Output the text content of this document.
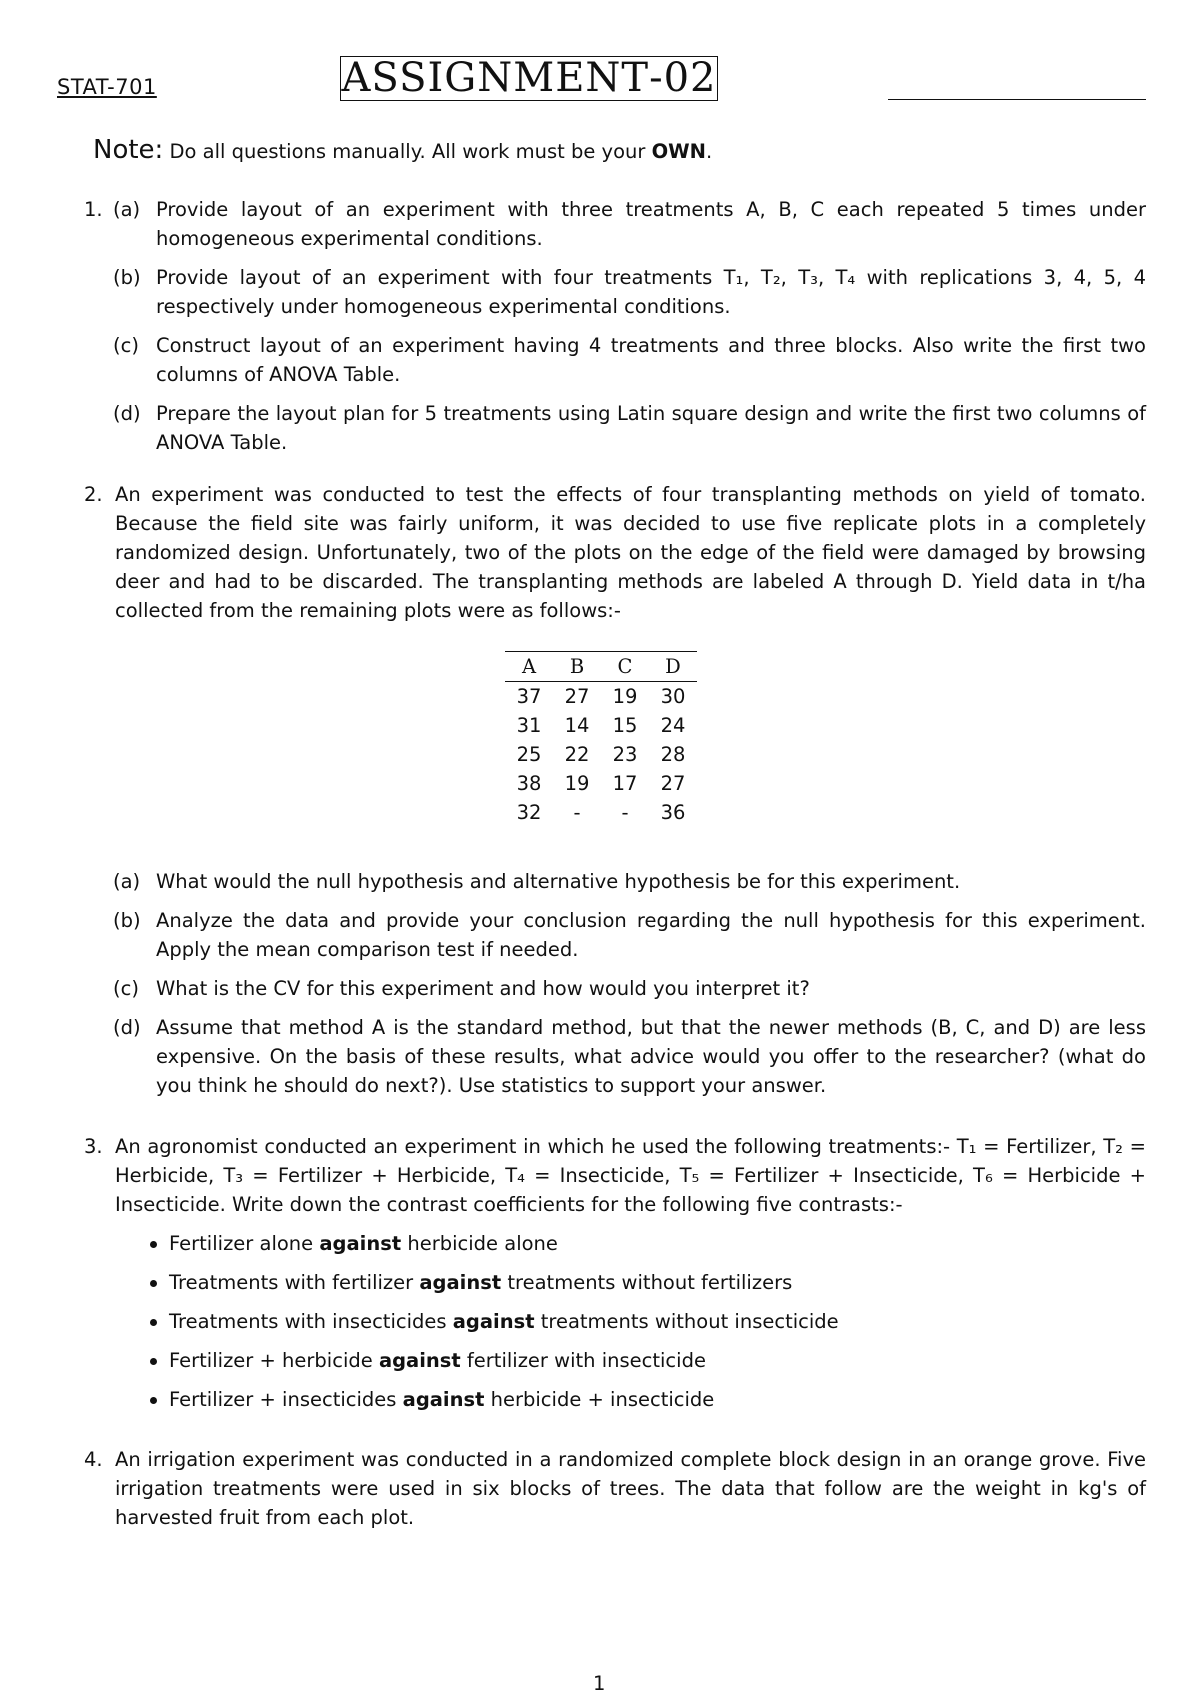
STAT-701	ASSIGNMENT-02
Note: Do all questions manually. All work must be your OWN.
1. (a) Provide layout of an experiment with three treatments A, B, C each repeated 5 times under homogeneous experimental conditions.
(b) Provide layout of an experiment with four treatments T₁, T₂, T₃, T₄ with replications 3, 4, 5, 4 respectively under homogeneous experimental conditions.
(c) Construct layout of an experiment having 4 treatments and three blocks. Also write the first two columns of ANOVA Table.
(d) Prepare the layout plan for 5 treatments using Latin square design and write the first two columns of ANOVA Table.
2. An experiment was conducted to test the effects of four transplanting methods on yield of tomato. Because the field site was fairly uniform, it was decided to use five replicate plots in a completely randomized design. Unfortunately, two of the plots on the edge of the field were damaged by browsing deer and had to be discarded. The transplanting methods are labeled A through D. Yield data in t/ha collected from the remaining plots were as follows:-
A	B	C	D
37	27	19	30
31	14	15	24
25	22	23	28
38	19	17	27
32	-	-	36
(a) What would the null hypothesis and alternative hypothesis be for this experiment.
(b) Analyze the data and provide your conclusion regarding the null hypothesis for this experiment. Apply the mean comparison test if needed.
(c) What is the CV for this experiment and how would you interpret it?
(d) Assume that method A is the standard method, but that the newer methods (B, C, and D) are less expensive. On the basis of these results, what advice would you offer to the researcher? (what do you think he should do next?). Use statistics to support your answer.
3. An agronomist conducted an experiment in which he used the following treatments:- T₁ = Fertilizer, T₂ = Herbicide, T₃ = Fertilizer + Herbicide, T₄ = Insecticide, T₅ = Fertilizer + Insecticide, T₆ = Herbicide + Insecticide. Write down the contrast coefficients for the following five contrasts:-
Fertilizer alone against herbicide alone
Treatments with fertilizer against treatments without fertilizers
Treatments with insecticides against treatments without insecticide
Fertilizer + herbicide against fertilizer with insecticide
Fertilizer + insecticides against herbicide + insecticide
4. An irrigation experiment was conducted in a randomized complete block design in an orange grove. Five irrigation treatments were used in six blocks of trees. The data that follow are the weight in kg's of harvested fruit from each plot.
1
